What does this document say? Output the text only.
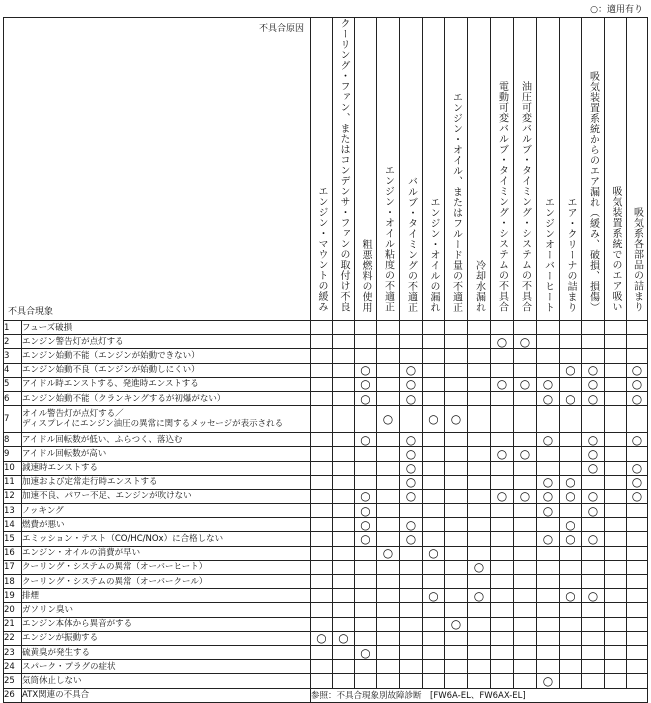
○：適用有り
不具合原因
不具合現象		エンジン・マウントの緩み	クーリング・ファン、またはコンデンサ・ファンの取付け不良	粗悪燃料の使用	エンジン・オイル粘度の不適正	バルブ・タイミングの不適正	エンジン・オイルの漏れ	エンジン・オイル、またはフルード量の不適正	冷却水漏れ	電動可変バルブ・タイミング・システムの不具合	油圧可変バルブ・タイミング・システムの不具合	エンジンオーバーヒート	エア・クリーナの詰まり	吸気装置系統からのエア漏れ（緩み、破損、損傷）	吸気装置系統でのエア吸い	吸気系各部品の詰まり
1	フューズ破損															
2	エンジン警告灯が点灯する									○	○					
3	エンジン始動不能（エンジンが始動できない）															
4	エンジン始動不良（エンジンが始動しにくい）			○		○							○	○		○
5	アイドル時エンストする、発進時エンストする			○		○				○	○	○		○		○
6	エンジン始動不能（クランキングするが初爆がない）			○		○						○	○	○		○
7	オイル警告灯が点灯する／
ディスプレイにエンジン油圧の異常に関するメッセージが表示される				○		○	○								
8	アイドル回転数が低い、ふらつく、落込む			○		○						○		○		○
9	アイドル回転数が高い					○				○	○			○		
10	減速時エンストする					○								○		○
11	加速および定常走行時エンストする					○						○	○			○
12	加速不良、パワー不足、エンジンが吹けない			○		○				○	○	○	○	○		○
13	ノッキング			○								○		○		
14	燃費が悪い			○		○							○			
15	エミッション・テスト（CO/HC/NOx）に合格しない			○		○						○	○	○		
16	エンジン・オイルの消費が早い				○		○									
17	クーリング・システムの異常（オーバーヒート）								○							
18	クーリング・システムの異常（オーバークール）															
19	排煙						○		○				○	○		
20	ガソリン臭い															
21	エンジン本体から異音がする							○								
22	エンジンが振動する	○	○													
23	硫黄臭が発生する			○												
24	スパーク・プラグの症状															
25	気筒休止しない											○				
26	ATX関連の不具合	参照：不具合現象別故障診断　[FW6A-EL、FW6AX-EL]														
